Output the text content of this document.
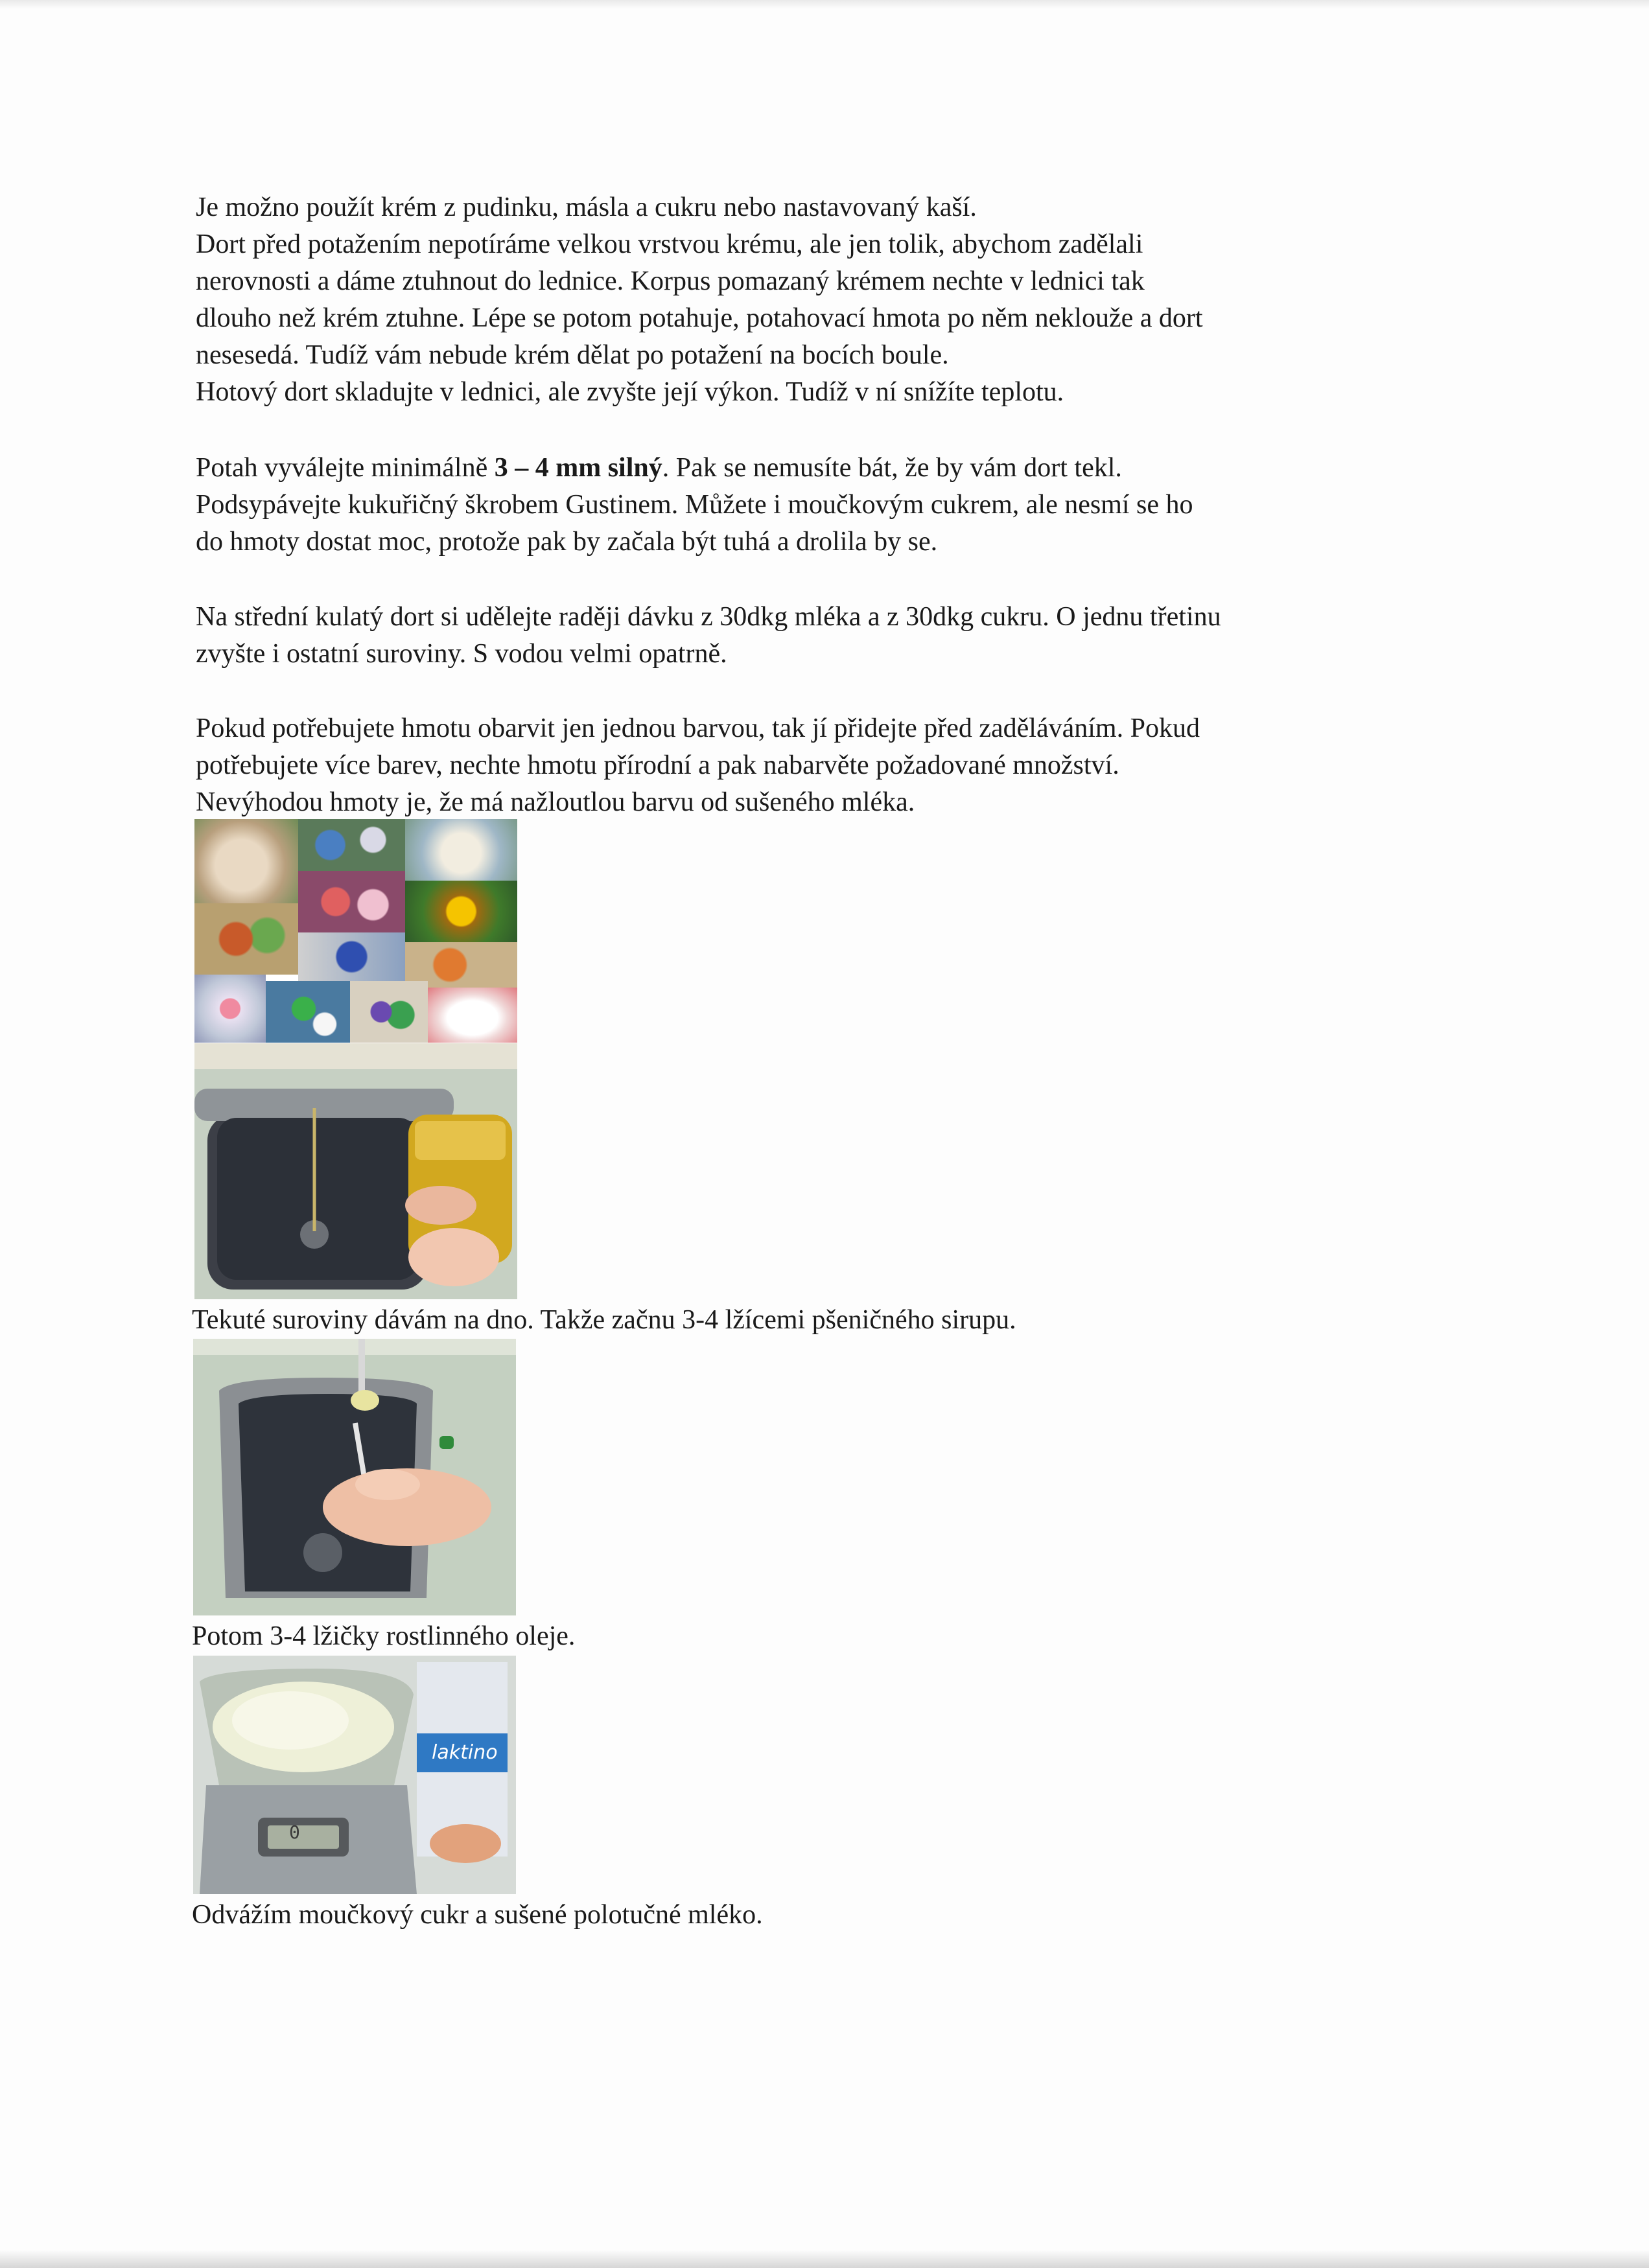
Je možno použít krém z pudinku, másla a cukru nebo nastavovaný kaší.
Dort před potažením nepotíráme velkou vrstvou krému, ale jen tolik, abychom zadělali
nerovnosti a dáme ztuhnout do lednice. Korpus pomazaný krémem nechte v lednici tak
dlouho než krém ztuhne. Lépe se potom potahuje, potahovací hmota po něm neklouže a dort
nesesedá. Tudíž vám nebude krém dělat po potažení na bocích boule.
Hotový dort skladujte v lednici, ale zvyšte její výkon. Tudíž v ní snížíte teplotu.

Potah vyválejte minimálně 3 – 4 mm silný. Pak se nemusíte bát, že by vám dort tekl.
Podsypávejte kukuřičný škrobem Gustinem. Můžete i moučkovým cukrem, ale nesmí se ho
do hmoty dostat moc, protože pak by začala být tuhá a drolila by se.

Na střední kulatý dort si udělejte raději dávku z 30dkg mléka a z 30dkg cukru. O jednu třetinu
zvyšte i ostatní suroviny. S vodou velmi opatrně.

Pokud potřebujete hmotu obarvit jen jednou barvou, tak jí přidejte před zaděláváním. Pokud
potřebujete více barev, nechte hmotu přírodní a pak nabarvěte požadované množství.
Nevýhodou hmoty je, že má nažloutlou barvu od sušeného mléka.

Tekuté suroviny dávám na dno. Takže začnu 3-4 lžícemi pšeničného sirupu.
Potom 3-4 lžičky rostlinného oleje.
0
laktino
Odvážím moučkový cukr a sušené polotučné mléko.
